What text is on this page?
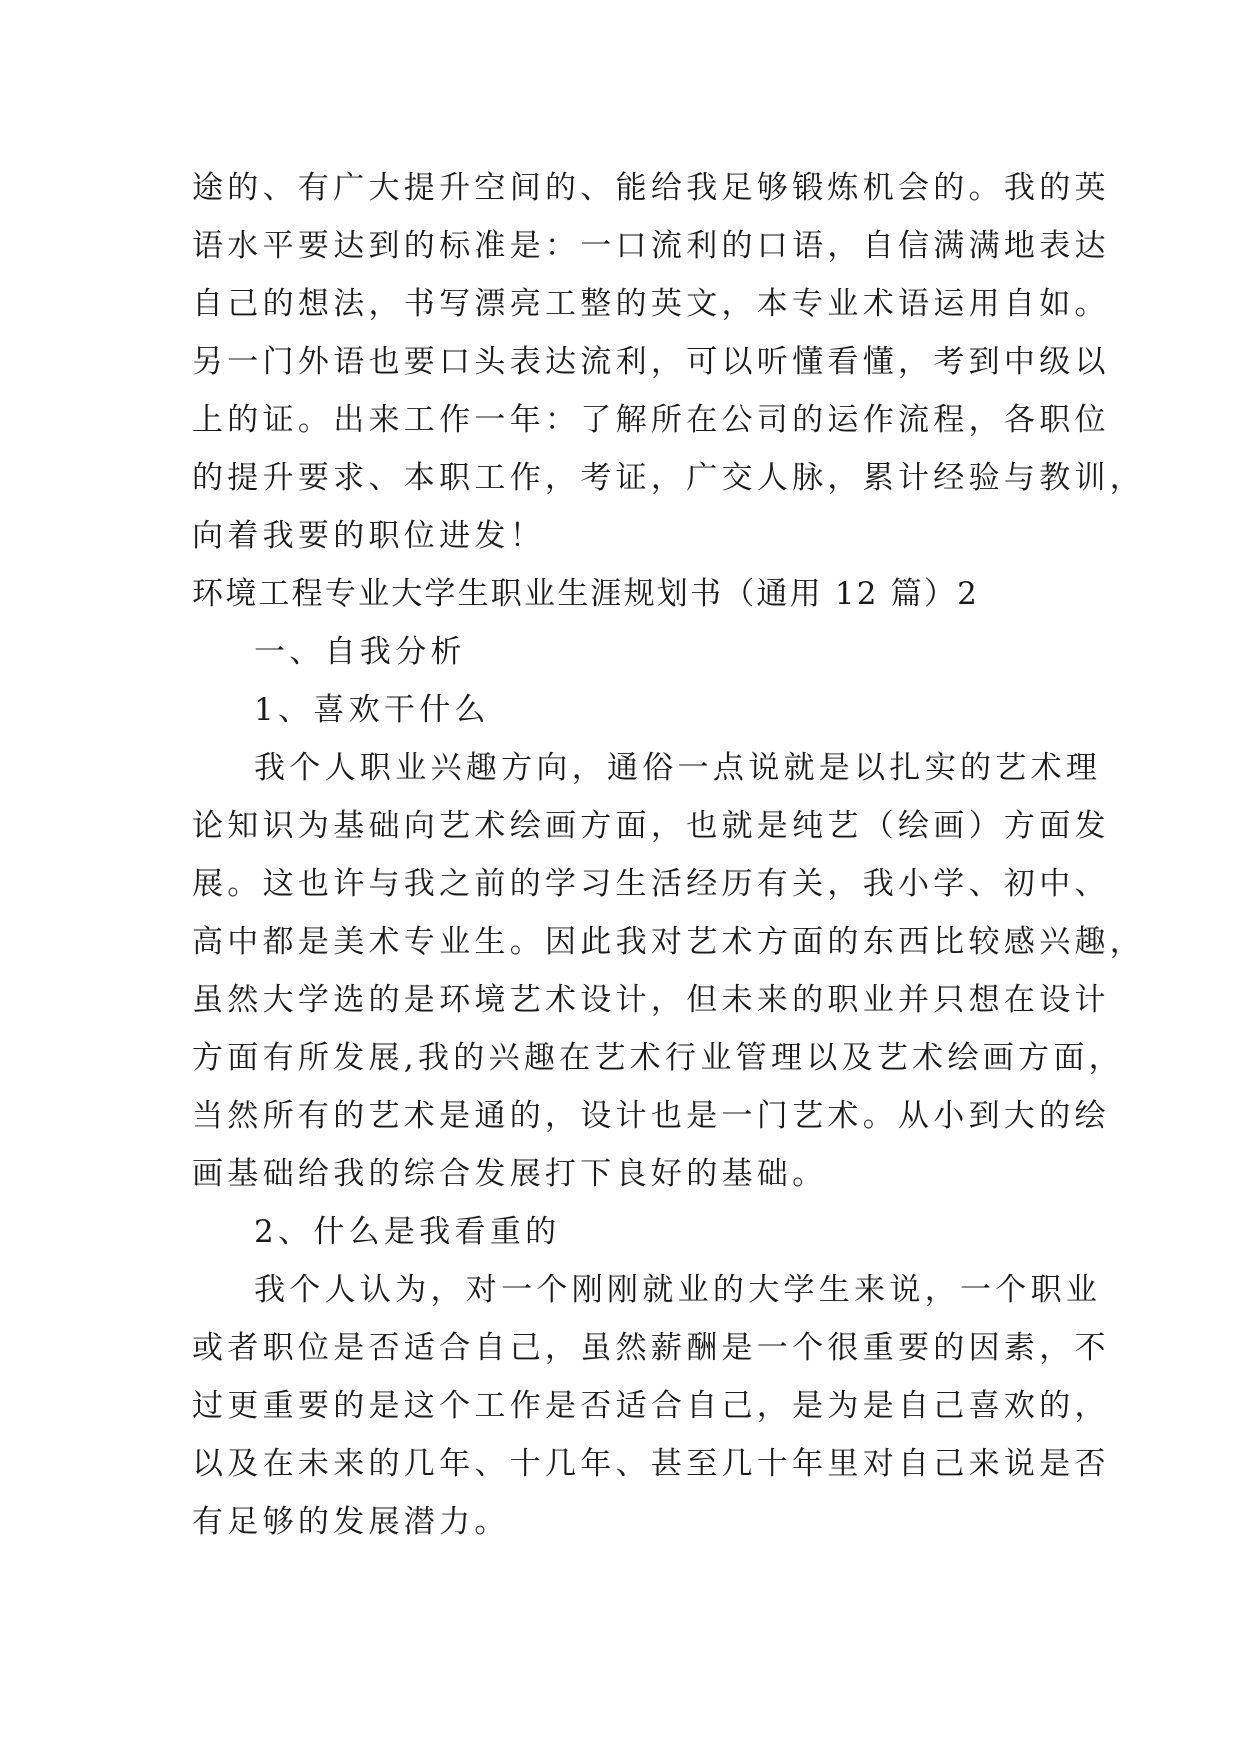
途的、有广大提升空间的、能给我足够锻炼机会的。我的英
语水平要达到的标准是：一口流利的口语，自信满满地表达
自己的想法，书写漂亮工整的英文，本专业术语运用自如。
另一门外语也要口头表达流利，可以听懂看懂，考到中级以
上的证。出来工作一年：了解所在公司的运作流程，各职位
的提升要求、本职工作，考证，广交人脉，累计经验与教训，
向着我要的职位进发！
环境工程专业大学生职业生涯规划书（通用 12 篇）2
一、自我分析
1、喜欢干什么
我个人职业兴趣方向，通俗一点说就是以扎实的艺术理
论知识为基础向艺术绘画方面，也就是纯艺（绘画）方面发
展。这也许与我之前的学习生活经历有关，我小学、初中、
高中都是美术专业生。因此我对艺术方面的东西比较感兴趣，
虽然大学选的是环境艺术设计，但未来的职业并只想在设计
方面有所发展,我的兴趣在艺术行业管理以及艺术绘画方面，
当然所有的艺术是通的，设计也是一门艺术。从小到大的绘
画基础给我的综合发展打下良好的基础。
2、什么是我看重的
我个人认为，对一个刚刚就业的大学生来说，一个职业
或者职位是否适合自己，虽然薪酬是一个很重要的因素，不
过更重要的是这个工作是否适合自己，是为是自己喜欢的，
以及在未来的几年、十几年、甚至几十年里对自己来说是否
有足够的发展潜力。
